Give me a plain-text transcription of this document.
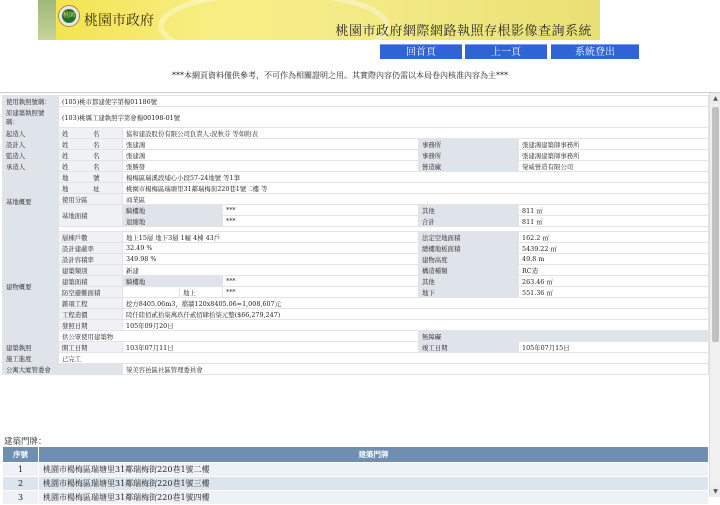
桃園 桃園市政府
桃園市政府網際網路執照存根影像查詢系統
回首頁	上一頁	系統登出
***本網頁資料僅供參考，不可作為相關證明之用。其實際內容仍需以本局卷內核准內容為主***
使用執照號碼：	(105)桃市都建使字第楊01186號				
原建築執照號碼：	(103)桃縣工建執照字第會楊00198-01號				
起造人	姓　　名	協和建設股份有限公司負責人:況秋芬 等如附表			
設計人	姓　　名	張建鴻		事務所	張建鴻建築師事務所
監造人	姓　　名	張建鴻		事務所	張建鴻建築師事務所
承造人	姓　　名	張勝發		營造廠	滎威營造有限公司
基地概要	地　　號	楊梅區瑞溪段埔心小段57-24地號 等1筆			
	地　　址	桃園市楊梅區瑞塘里31鄰瑞梅街220巷1號二樓 等			
	使用分區	商業區			
	基地面積	騎樓地	***	其他	811 ㎡
		退縮地	***	合計	811 ㎡

建物概要	層棟戶數	地上15層 地下3層 1幢 4棟 43戶		法定空地面積	162.2 ㎡
	設計建蔽率	32.49 %		總樓地板面積	5439.22 ㎡
	設計容積率	349.98 %		建物高度	49.8 m
	建築類別	新建		構造種類	RC造
	建築面積	騎樓地	***	其他	263.46 ㎡
	防空避難面積	地上	***	地下	551.36 ㎡
	雜項工程	挖方8405.06m3，擋牆120x8405.06=1,008,607元			
	工程造價	陸仟陸佰貳拾柒萬玖仟貳佰肆拾柒元整($66,279,247)			
	發照日期	105年09月20日			
	供公眾使用建築物			無障礙	
建築執照	開工日期	103年07月11日		竣工日期	105年07月15日
施工進度	已完工				
公寓大廈管委會		滎美容邑區社區管理委員會			
▲
▼
建築門牌：
序號	建築門牌
1	桃園市楊梅區瑞塘里31鄰瑞梅街220巷1號二樓
2	桃園市楊梅區瑞塘里31鄰瑞梅街220巷1號三樓
3	桃園市楊梅區瑞塘里31鄰瑞梅街220巷1號四樓
